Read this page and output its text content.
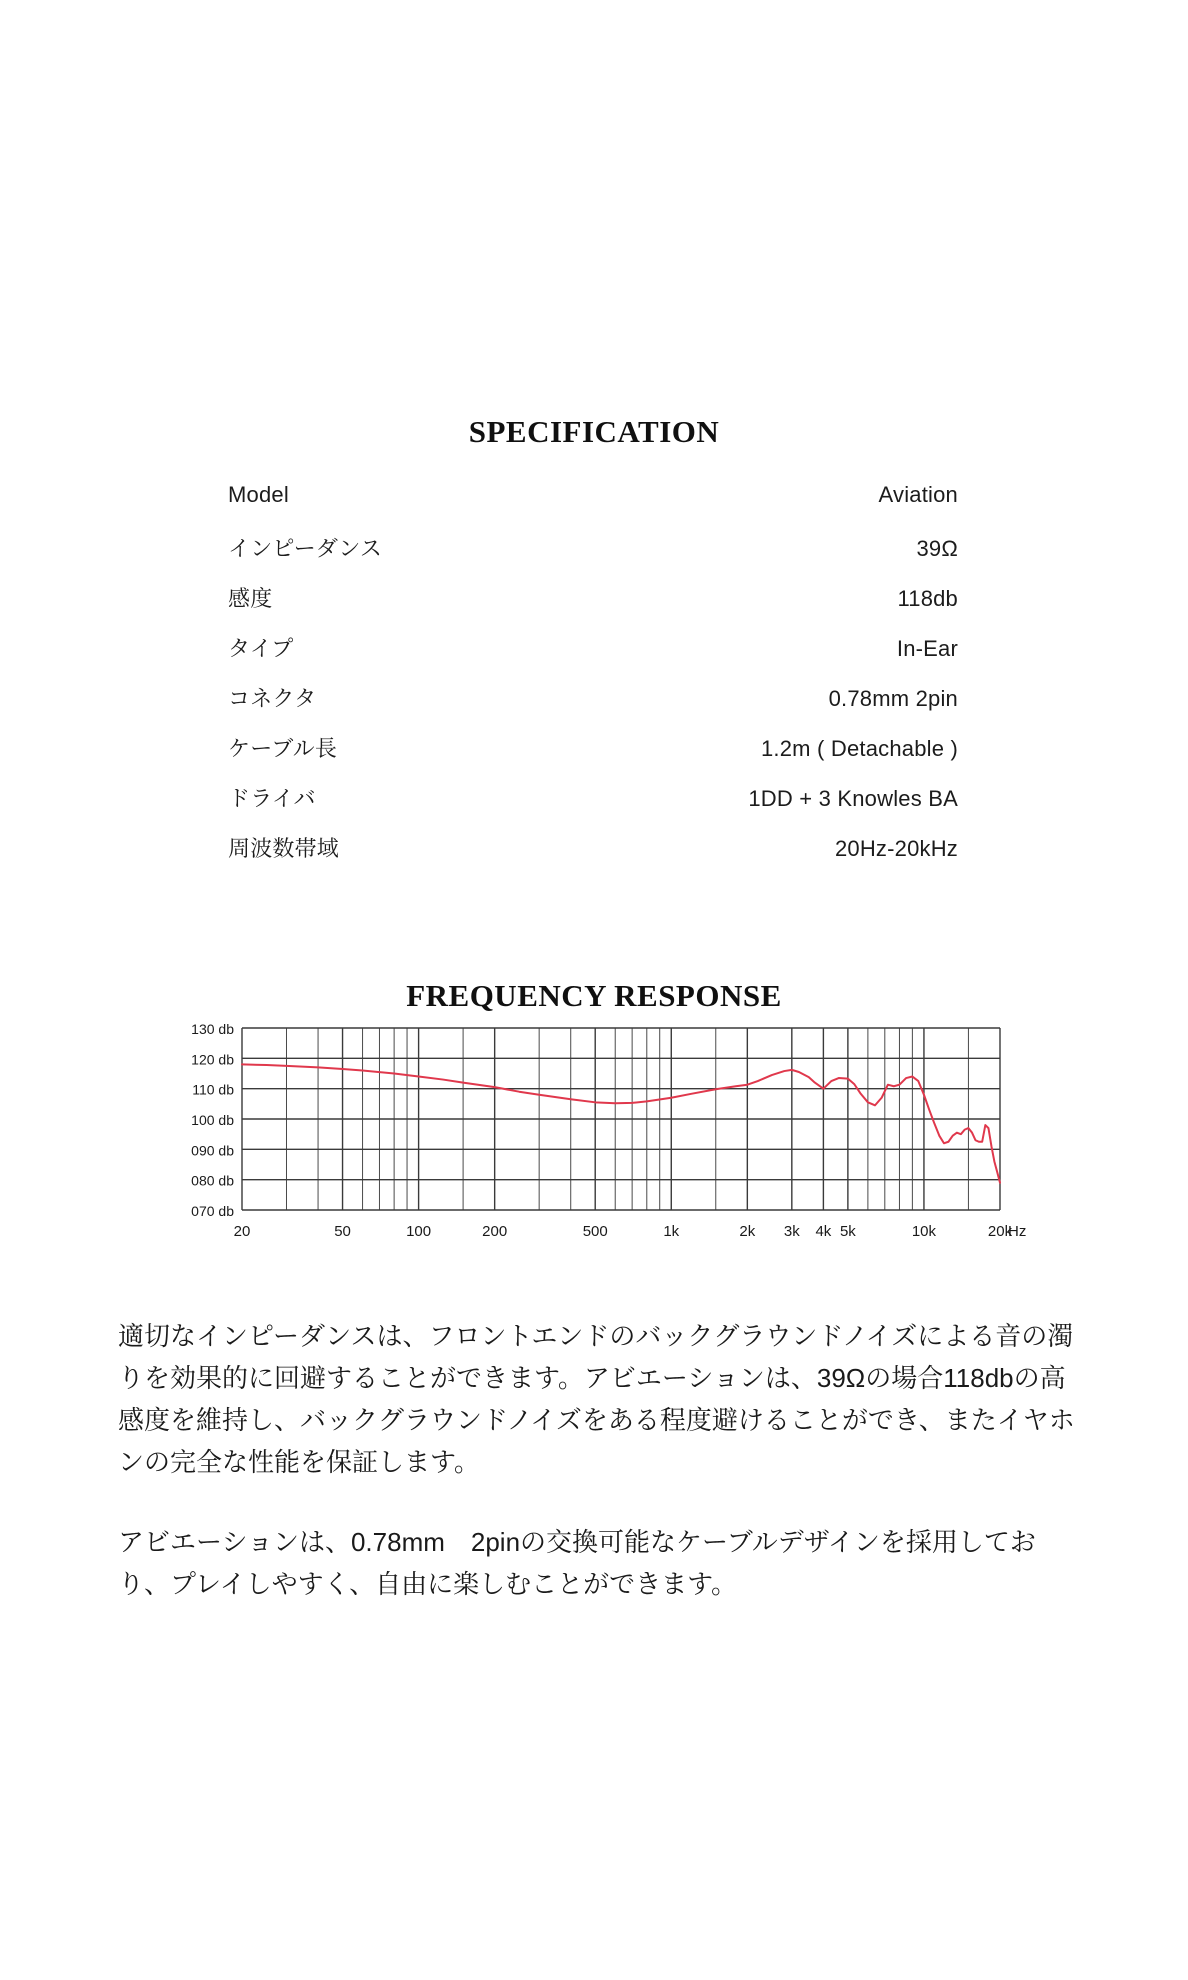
SPECIFICATION
Model	Aviation
インピーダンス	39Ω
感度	118db
タイプ	In-Ear
コネクタ	0.78mm 2pin
ケーブル長	1.2m ( Detachable )
ドライバ	1DD + 3 Knowles BA
周波数帯域	20Hz-20kHz
FREQUENCY RESPONSE
130 db
120 db
110 db
100 db
090 db
080 db
070 db
20	50	100	200	500	1k	2k 3k 4k 5k	10k	20k
Hz

適切なインピーダンスは、フロントエンドのバックグラウンドノイズによる音の濁りを効果的に回避することができます。アビエーションは、39Ωの場合118dbの高感度を維持し、バックグラウンドノイズをある程度避けることができ、またイヤホンの完全な性能を保証します。

アビエーションは、0.78mm　2pinの交換可能なケーブルデザインを採用しており、プレイしやすく、自由に楽しむことができます。
